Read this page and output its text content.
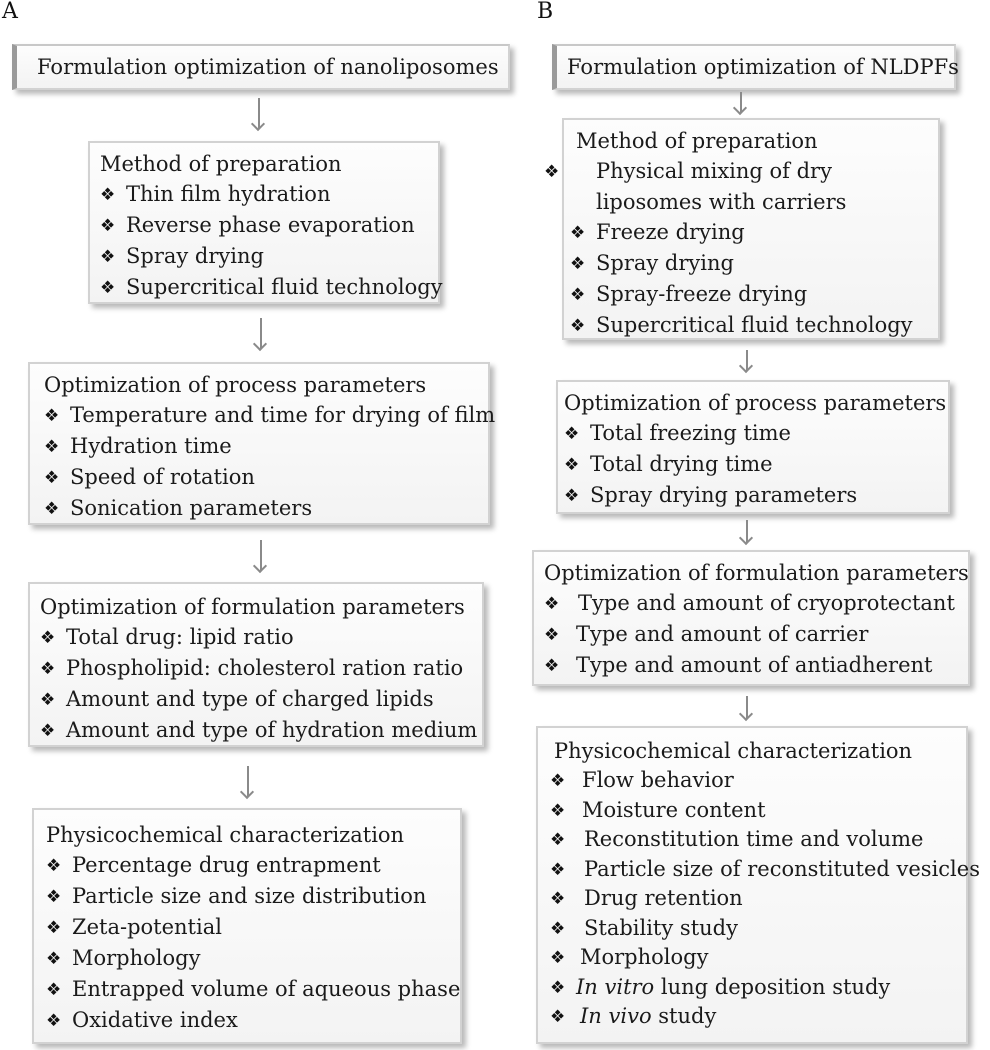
A	B
Formulation optimization of nanoliposomes
Method of preparation
❖ Thin film hydration
❖ Reverse phase evaporation
❖ Spray drying
❖ Supercritical fluid technology
Optimization of process parameters
❖ Temperature and time for drying of film
❖ Hydration time
❖ Speed of rotation
❖ Sonication parameters
Optimization of formulation parameters
❖ Total drug: lipid ratio
❖ Phospholipid: cholesterol ration ratio
❖ Amount and type of charged lipids
❖ Amount and type of hydration medium
Physicochemical characterization
❖ Percentage drug entrapment
❖ Particle size and size distribution
❖ Zeta-potential
❖ Morphology
❖ Entrapped volume of aqueous phase
❖ Oxidative index
Formulation optimization of NLDPFs
Method of preparation
❖ Physical mixing of dry liposomes with carriers
❖ Freeze drying
❖ Spray drying
❖ Spray-freeze drying
❖ Supercritical fluid technology
Optimization of process parameters
❖ Total freezing time
❖ Total drying time
❖ Spray drying parameters
Optimization of formulation parameters
❖ Type and amount of cryoprotectant
❖ Type and amount of carrier
❖ Type and amount of antiadherent
Physicochemical characterization
❖ Flow behavior
❖ Moisture content
❖ Reconstitution time and volume
❖ Particle size of reconstituted vesicles
❖ Drug retention
❖ Stability study
❖ Morphology
❖ In vitro lung deposition study
❖ In vivo study
